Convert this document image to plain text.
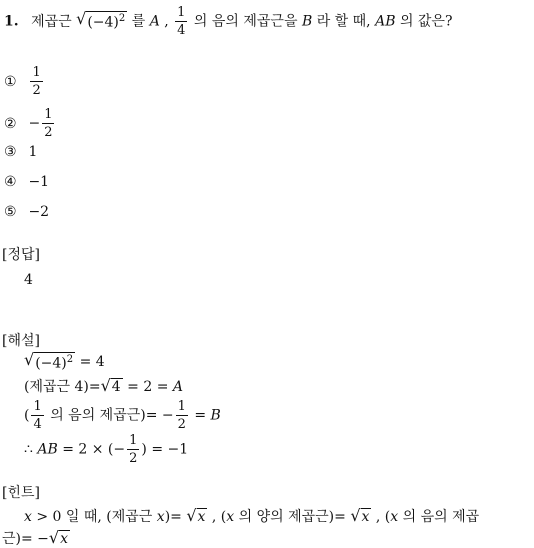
1. 제곱근 √ $(-4)^2$ 를 A , $\frac{1}{4}$ 의 음의 제곱근을 B 라 할 때, AB 의 값은?
① $\frac{1}{2}$
② − $\frac{1}{2}$
③ 1
④ −1
⑤ −2
[정답]
4
[해설]
√ $(-4)^2 = 4$
(제곱근 4)= √ 4 = 2 = A
( $\frac{1}{4}$ 의 음의 제곱근)= − $\frac{1}{2} = B$
∴ AB = 2 × (− $\frac{1}{2}$ ) = −1
[힌트]
x > 0 일 때, (제곱근 x)= √ x , (x 의 양의 제곱근)= √ x , (x 의 음의 제곱
근)= − √ x
